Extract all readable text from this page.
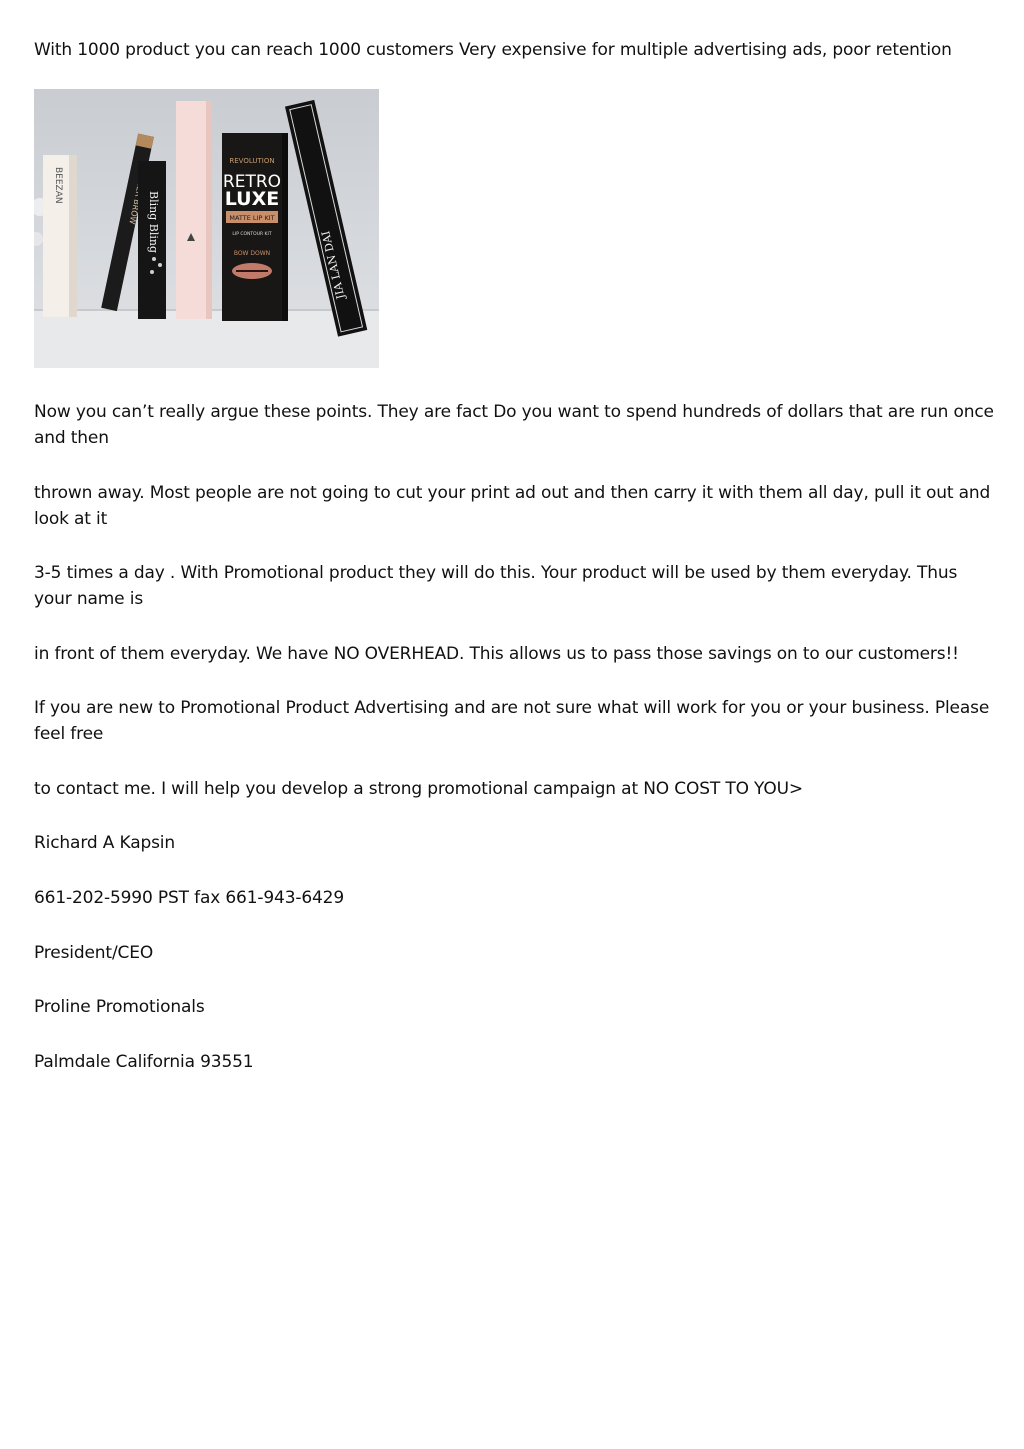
With 1000 product you can reach 1000 customers Very expensive for multiple advertising ads, poor retention
BEEZAN
BROW Bling Bling
REVOLUTION
RETRO
LUXE
MATTE LIP KIT
LIP CONTOUR KIT
BOW DOWN	JIA LAN DAI
Now you can’t really argue these points. They are fact Do you want to spend hundreds of dollars that are run once and then
thrown away. Most people are not going to cut your print ad out and then carry it with them all day, pull it out and look at it
3-5 times a day . With Promotional product they will do this. Your product will be used by them everyday. Thus your name is
in front of them everyday. We have NO OVERHEAD. This allows us to pass those savings on to our customers!!
If you are new to Promotional Product Advertising and are not sure what will work for you or your business. Please feel free
to contact me. I will help you develop a strong promotional campaign at NO COST TO YOU>
Richard A Kapsin
661-202-5990 PST fax 661-943-6429
President/CEO
Proline Promotionals
Palmdale California 93551
